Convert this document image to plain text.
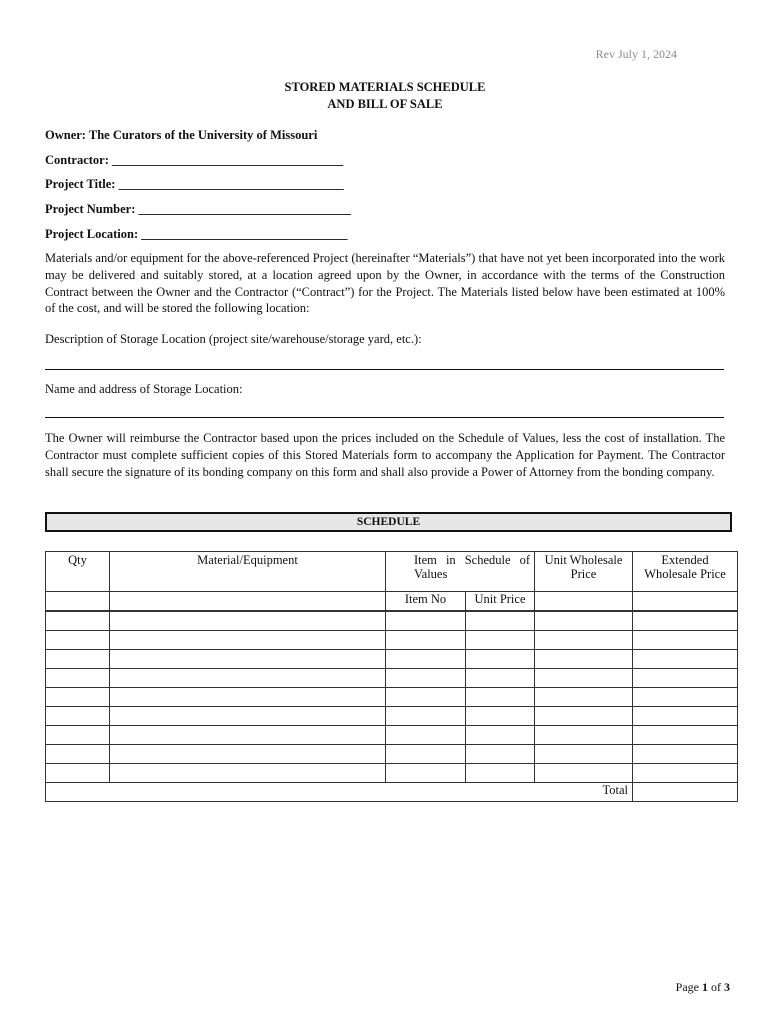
Rev July 1, 2024
STORED MATERIALS SCHEDULE
AND BILL OF SALE
Owner: The Curators of the University of Missouri
Contractor: _____________________________________
Project Title: ____________________________________
Project Number: __________________________________
Project Location: _________________________________
Materials and/or equipment for the above-referenced Project (hereinafter “Materials”) that have not yet been incorporated into the work may be delivered and suitably stored, at a location agreed upon by the Owner, in accordance with the terms of the Construction Contract between the Owner and the Contractor (“Contract”) for the Project. The Materials listed below have been estimated at 100% of the cost, and will be stored the following location:
Description of Storage Location (project site/warehouse/storage yard, etc.):
Name and address of Storage Location:
The Owner will reimburse the Contractor based upon the prices included on the Schedule of Values, less the cost of installation. The Contractor must complete sufficient copies of this Stored Materials form to accompany the Application for Payment. The Contractor shall secure the signature of its bonding company on this form and shall also provide a Power of Attorney from the bonding company.
SCHEDULE
Qty	Material/Equipment	Item in Schedule of Values		Unit Wholesale Price	Extended Wholesale Price
		Item No	Unit Price		

Total					
Page 1 of 3
